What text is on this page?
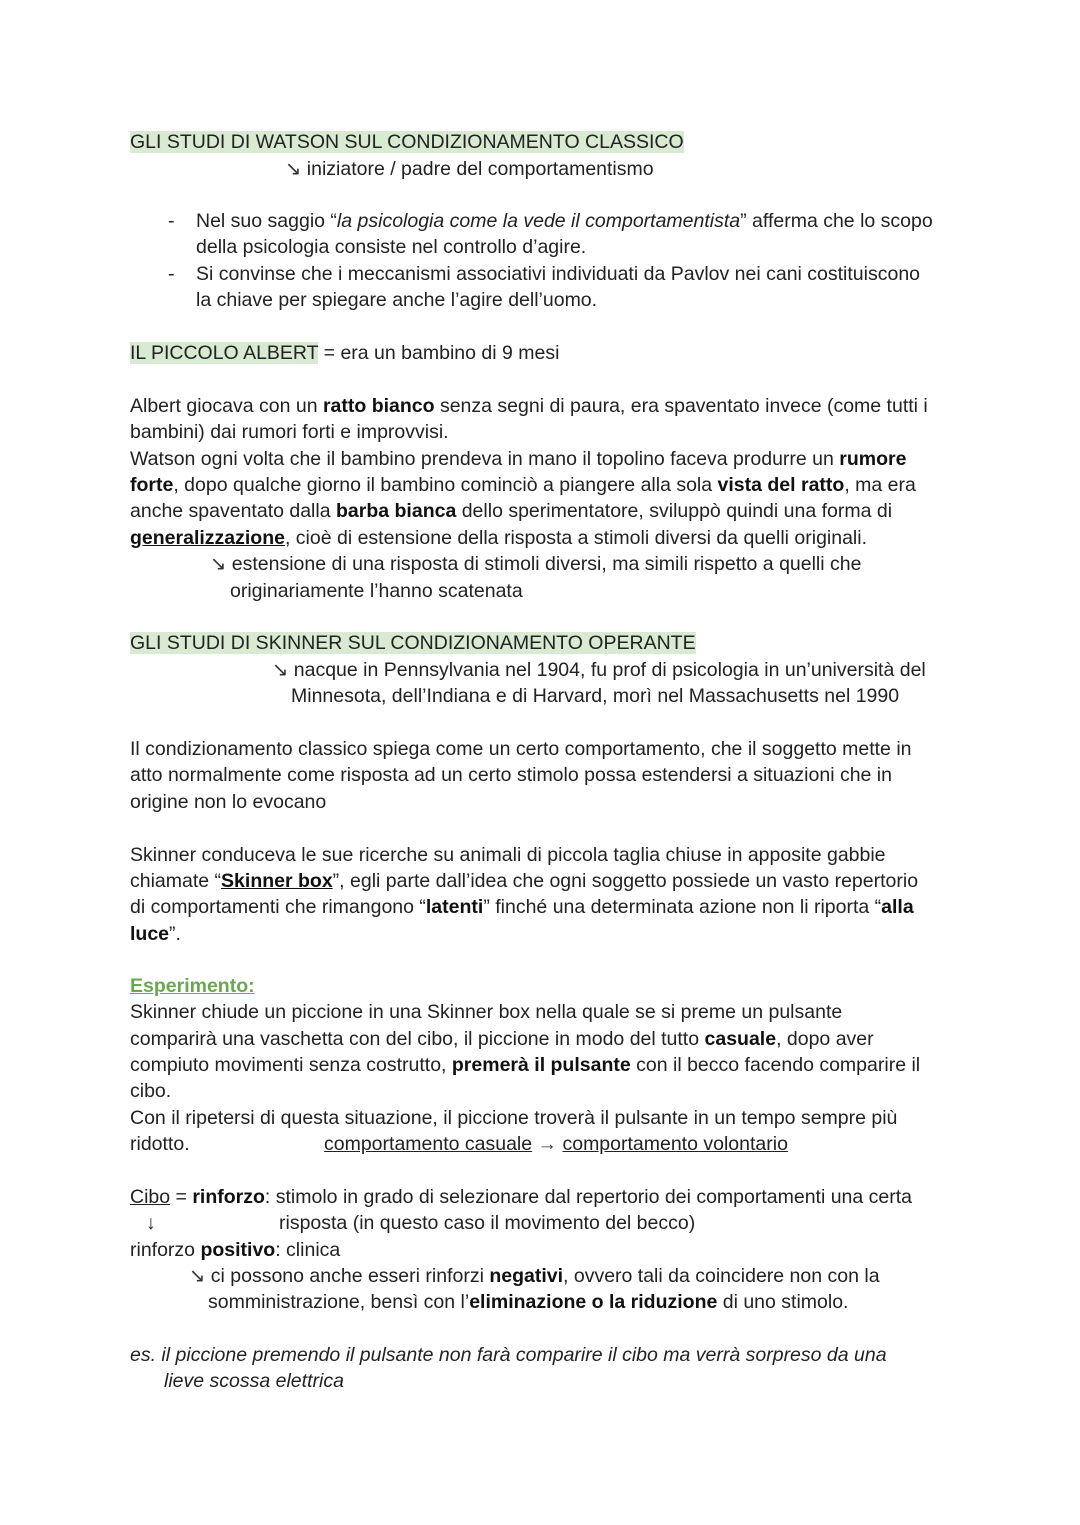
GLI STUDI DI WATSON SUL CONDIZIONAMENTO CLASSICO
↘ iniziatore / padre del comportamentismo
- Nel suo saggio “la psicologia come la vede il comportamentista” afferma che lo scopo
della psicologia consiste nel controllo d’agire.
- Si convinse che i meccanismi associativi individuati da Pavlov nei cani costituiscono
la chiave per spiegare anche l’agire dell’uomo.
IL PICCOLO ALBERT = era un bambino di 9 mesi
Albert giocava con un ratto bianco senza segni di paura, era spaventato invece (come tutti i
bambini) dai rumori forti e improvvisi.
Watson ogni volta che il bambino prendeva in mano il topolino faceva produrre un rumore
forte, dopo qualche giorno il bambino cominciò a piangere alla sola vista del ratto, ma era
anche spaventato dalla barba bianca dello sperimentatore, sviluppò quindi una forma di
generalizzazione, cioè di estensione della risposta a stimoli diversi da quelli originali.
↘ estensione di una risposta di stimoli diversi, ma simili rispetto a quelli che
originariamente l’hanno scatenata
GLI STUDI DI SKINNER SUL CONDIZIONAMENTO OPERANTE
↘ nacque in Pennsylvania nel 1904, fu prof di psicologia in un’università del
Minnesota, dell’Indiana e di Harvard, morì nel Massachusetts nel 1990
Il condizionamento classico spiega come un certo comportamento, che il soggetto mette in
atto normalmente come risposta ad un certo stimolo possa estendersi a situazioni che in
origine non lo evocano
Skinner conduceva le sue ricerche su animali di piccola taglia chiuse in apposite gabbie
chiamate “Skinner box”, egli parte dall’idea che ogni soggetto possiede un vasto repertorio
di comportamenti che rimangono “latenti” finché una determinata azione non li riporta “alla
luce”.
Esperimento:
Skinner chiude un piccione in una Skinner box nella quale se si preme un pulsante
comparirà una vaschetta con del cibo, il piccione in modo del tutto casuale, dopo aver
compiuto movimenti senza costrutto, premerà il pulsante con il becco facendo comparire il
cibo.
Con il ripetersi di questa situazione, il piccione troverà il pulsante in un tempo sempre più
ridotto.	comportamento casuale → comportamento volontario
Cibo = rinforzo: stimolo in grado di selezionare dal repertorio dei comportamenti una certa
↓	risposta (in questo caso il movimento del becco)
rinforzo positivo: clinica
↘ ci possono anche esseri rinforzi negativi, ovvero tali da coincidere non con la
somministrazione, bensì con l’eliminazione o la riduzione di uno stimolo.
es. il piccione premendo il pulsante non farà comparire il cibo ma verrà sorpreso da una
lieve scossa elettrica
